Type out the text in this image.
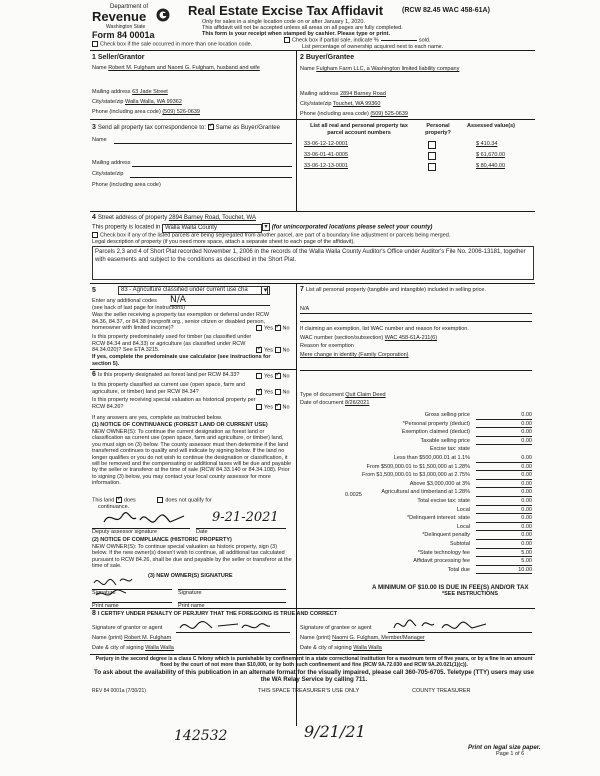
Department of
Revenue
Washington State
Form 84 0001a
Real Estate Excise Tax Affidavit	(RCW 82.45 WAC 458-61A)
Only for sales in a single location code on or after January 1, 2020.
This affidavit will not be accepted unless all areas on all pages are fully completed.
This form is your receipt when stamped by cashier. Please type or print.
Check box if the sale occurred in more than one location code.
Check box if partial sale, indicate %	sold.
List percentage of ownership acquired next to each name.
1 Seller/Grantor
Name Robert M. Fulgham and Naomi G. Fulgham, husband and wife
Mailing address 63 Jade Street
City/state/zip Walla Walla, WA 99362
Phone (including area code) (509) 526-0639
2 Buyer/Grantee
Name Fulgham Farm LLC, a Washington limited liability company
Mailing address 2894 Barney Road
City/state/zip Touchet, WA 99360
Phone (including area code) (509) 525-0639
3 Send all property tax correspondence to: ✓ Same as Buyer/Grantee
Name
Mailing address
City/state/zip
Phone (including area code)
List all real and personal property tax parcel account numbers
Personal property?
Assessed value(s)
33-06-12-12-0001	$ 410.34
33-06-01-41-0005	$ 61,670.00
33-06-12-13-0001	$ 80,440.00
4 Street address of property 2894 Barney Road, Touchet, WA
This property is located in Walla Walla County	▾ (for unincorporated locations please select your county)
Check box if any of the listed parcels are being segregated from another parcel, are part of a boundary line adjustment or parcels being merged.
Legal description of property (if you need more space, attach a separate sheet to each page of the affidavit).
Parcels 2,3 and 4 of Short Plat recorded November 1, 2006 in the records of the Walla Walla County Auditor's Office under Auditor's File No. 2006-13181, together with easements and subject to the conditions as described in the Short Plat.
5	83 - Agriculture classified under current use cha	▾
Enter any additional codes N/A
(see back of last page for instructions)
Was the seller receiving a property tax exemption or deferral under RCW 84.36, 84.37, or 84.38 (nonprofit org., senior citizen or disabled person, homeowner with limited income)?	Yes ✓ No
Is this property predominately used for timber (as classified under RCW 84.34 and 84.33) or agriculture (as classified under RCW 84.34.020)? See ETA 3215. ✓	Yes No
If yes, complete the predominate use calculator (see instructions for section 5).
6 Is this property designated as forest land per RCW 84.33?	Yes ✓ No
Is this property classified as current use (open space, farm and agriculture, or timber) land per RCW 84.34? ✓	Yes No
Is this property receiving special valuation as historical property per RCW 84.26?	Yes ✓ No
If any answers are yes, complete as instructed below.
(1) NOTICE OF CONTINUANCE (FOREST LAND OR CURRENT USE)
NEW OWNER(S): To continue the current designation as forest land or classification as current use (open space, farm and agriculture, or timber) land, you must sign on (3) below. The county assessor must then determine if the land transferred continues to qualify and will indicate by signing below. If the land no longer qualifies or you do not wish to continue the designation or classification, it will be removed and the compensating or additional taxes will be due and payable by the seller or transferor at the time of sale (RCW 84.33.140 or 84.34.108). Prior to signing (3) below, you may contact your local county assessor for more information.
This land ✓ does	does not qualify for
continuance.
9-21-2021
Deputy assessor signature	Date
(2) NOTICE OF COMPLIANCE (HISTORIC PROPERTY)
NEW OWNER(S): To continue special valuation as historic property, sign (3) below. If the new owner(s) doesn't wish to continue, all additional tax calculated pursuant to RCW 84.26, shall be due and payable by the seller or transferor at the time of sale.
(3) NEW OWNER(S) SIGNATURE
Signature	Signature
Print name	Print name
7 List all personal property (tangible and intangible) included in selling price.
N/A
If claiming an exemption, list WAC number and reason for exemption.
WAC number (section/subsection) WAC 458-61A-211(6)
Reason for exemption
Mere change in identity (Family Corporation)
Type of document Quit Claim Deed
Date of document 8/26/2021
Gross selling price	0.00
*Personal property (deduct)	0.00
Exemption claimed (deduct)	0.00
Taxable selling price	0.00
Excise tax: state
Less than $500,000.01 at 1.1%	0.00
From $500,000.01 to $1,500,000 at 1.28%	0.00
From $1,500,000.01 to $3,000,000 at 2.75%	0.00
Above $3,000,000 at 3%	0.00
Agricultural and timberland at 1.28%	0.00
Total excise tax: state	0.00
Local	0.00
*Delinquent interest: state	0.00
Local	0.00
*Delinquent penalty	0.00
Subtotal	0.00
*State technology fee	5.00
Affidavit processing fee	5.00
Total due	10.00
0.0025
A MINIMUM OF $10.00 IS DUE IN FEE(S) AND/OR TAX
*SEE INSTRUCTIONS
8 I CERTIFY UNDER PENALTY OF PERJURY THAT THE FOREGOING IS TRUE AND CORRECT
Signature of grantor or agent
Name (print) Robert M. Fulgham
Date & city of signing Walla Walla
Signature of grantee or agent
Name (print) Naomi G. Fulgham, Member/Manager
Date & city of signing Walla Walla
Perjury in the second degree is a class C felony which is punishable by confinement in a state correctional institution for a maximum term of five years, or by a fine in an amount fixed by the court of not more than $10,000, or by both such confinement and fine (RCW 9A.72.030 and RCW 9A.20.021(1)(c)).
To ask about the availability of this publication in an alternate format for the visually impaired, please call 360-705-6705. Teletype (TTY) users may use the WA Relay Service by calling 711.
REV 84 0001a (7/30/21)	THIS SPACE TREASURER'S USE ONLY	COUNTY TREASURER
142532	9/21/21
Print on legal size paper.
Page 1 of 6
